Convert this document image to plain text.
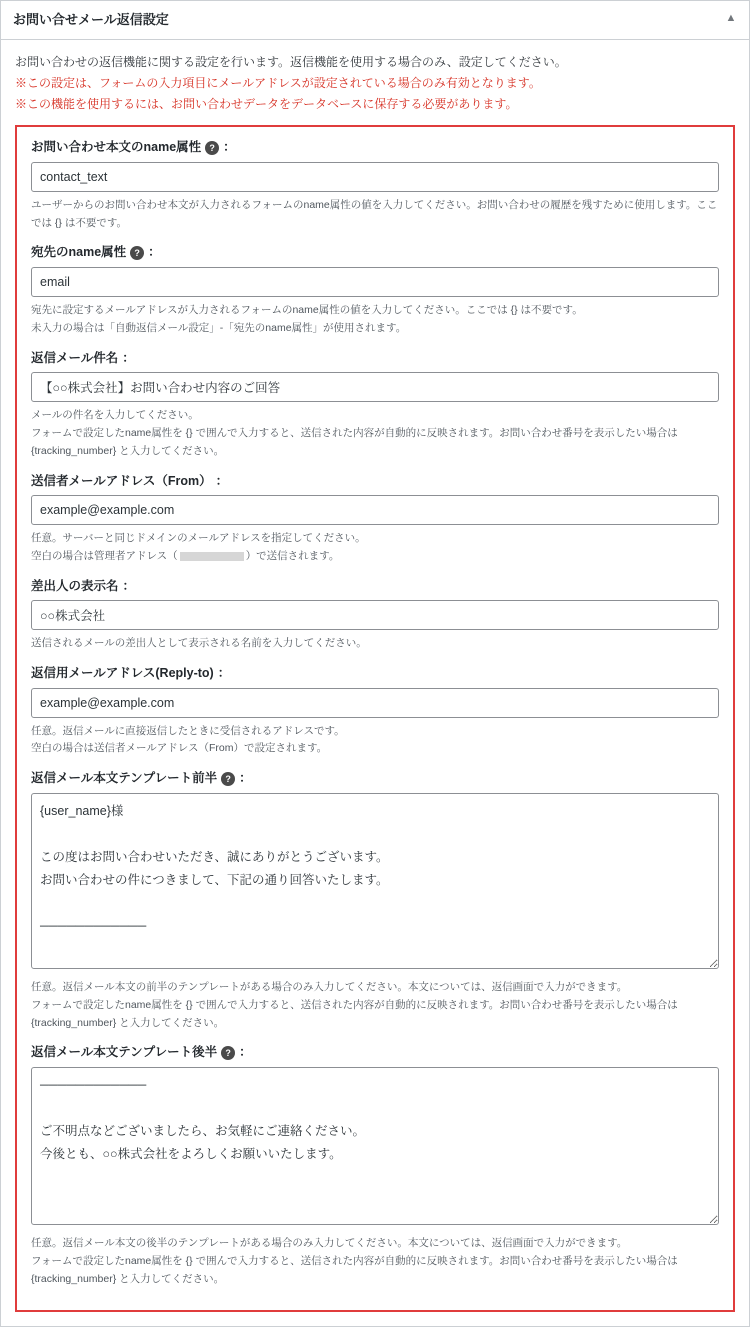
お問い合せメール返信設定	▲
お問い合わせの返信機能に関する設定を行います。返信機能を使用する場合のみ、設定してください。
※この設定は、フォームの入力項目にメールアドレスが設定されている場合のみ有効となります。
※この機能を使用するには、お問い合わせデータをデータベースに保存する必要があります。
お問い合わせ本文のname属性 ? ：
contact_text
ユーザーからのお問い合わせ本文が入力されるフォームのname属性の値を入力してください。お問い合わせの履歴を残すために使用します。ここでは {} は不要です。
宛先のname属性 ? ：
email
宛先に設定するメールアドレスが入力されるフォームのname属性の値を入力してください。ここでは {} は不要です。
未入力の場合は「自動返信メール設定」-「宛先のname属性」が使用されます。
返信メール件名 ：
【○○株式会社】お問い合わせ内容のご回答
メールの件名を入力してください。
フォームで設定したname属性を {} で囲んで入力すると、送信された内容が自動的に反映されます。お問い合わせ番号を表示したい場合は {tracking_number} と入力してください。
送信者メールアドレス（From） ：
example@example.com
任意。サーバーと同じドメインのメールアドレスを指定してください。
空白の場合は管理者アドレス（	）で送信されます。
差出人の表示名 ：
○○株式会社
送信されるメールの差出人として表示される名前を入力してください。
返信用メールアドレス(Reply-to) ：
example@example.com
任意。返信メールに直接返信したときに受信されるアドレスです。
空白の場合は送信者メールアドレス（From）で設定されます。
返信メール本文テンプレート前半 ? ：
{user_name}様 この度はお問い合わせいただき、誠にありがとうございます。 お問い合わせの件につきまして、下記の通り回答いたします。 ────────────
任意。返信メール本文の前半のテンプレートがある場合のみ入力してください。本文については、返信画面で入力ができます。
フォームで設定したname属性を {} で囲んで入力すると、送信された内容が自動的に反映されます。お問い合わせ番号を表示したい場合は {tracking_number} と入力してください。
返信メール本文テンプレート後半 ? ：
──────────── ご不明点などございましたら、お気軽にご連絡ください。 今後とも、○○株式会社をよろしくお願いいたします。
任意。返信メール本文の後半のテンプレートがある場合のみ入力してください。本文については、返信画面で入力ができます。
フォームで設定したname属性を {} で囲んで入力すると、送信された内容が自動的に反映されます。お問い合わせ番号を表示したい場合は {tracking_number} と入力してください。
